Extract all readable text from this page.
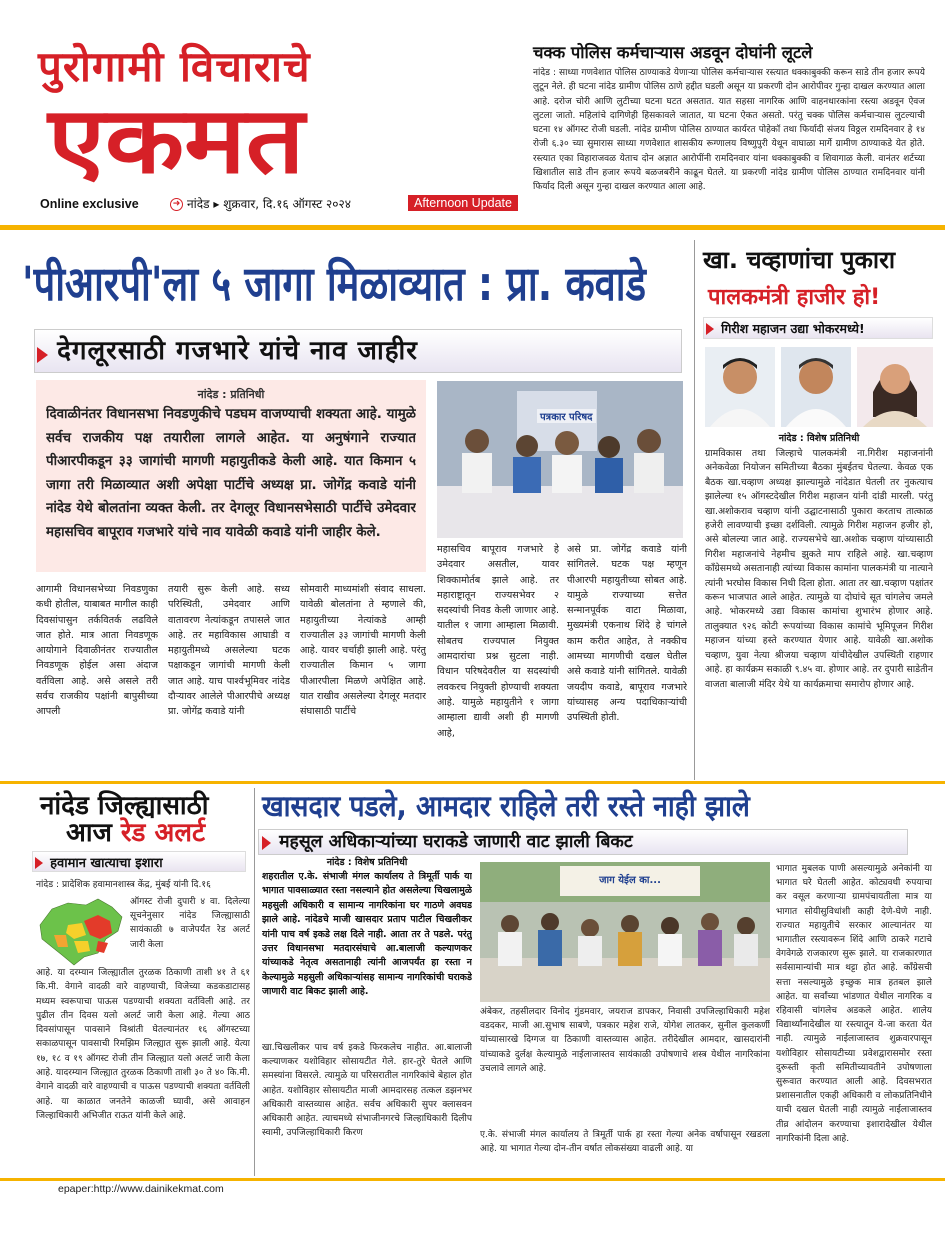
पुरोगामी विचाराचे
एकमत
Online exclusive	➜ नांदेड ▸ शुक्रवार, दि.१६ ऑगस्ट २०२४	Afternoon Update
चक्क पोलिस कर्मचाऱ्यास अडवून दोघांनी लूटले
नांदेड : साध्या गणवेशात पोलिस ठाण्याकडे येणाऱ्या पोलिस कर्मचाऱ्यास रस्त्यात धक्काबुक्की करून साडे तीन हजार रूपये लुटून नेले. ही घटना नांदेड ग्रामीण पोलिस ठाणे हद्दीत घडली असून या प्रकरणी दोन आरोपीवर गुन्हा दाखल करण्यात आला आहे. दरोज चोरी आणि लुटीच्या घटना घटत असतात. यात सहसा नागरिक आणि वाहनधारकांना रस्त्या अडवून ऐवज लुटला जातो. महिलांचे दागिणेही हिसकावले जातात, या घटना ऐकत असतो. परंतु चक्क पोलिस कर्मचाऱ्यास लुटल्याची घटना १४ ऑगस्ट रोजी घडली. नांदेड ग्रामीण पोलिस ठाण्यात कार्यरत पोहेकॉ तथा फिर्यादी संजय विठ्ठल रामदिनवार हे १४ रोजी ६.३० च्या सुमारास साध्या गणवेशात शासकीय रूग्णालय विष्णुपुरी येथून वाघाळा मार्गे ग्रामीण ठाण्याकडे येत होते. रस्त्यात एका विहाराजवळ येताच दोन अज्ञात आरोपींनी रामदिनवार यांना धक्काबुक्की व शिवागाळ केली. वानंतर शर्टच्या खिशातील साडे तीन हजार रूपये बळजबरीने काढून घेतले. या प्रकरणी नांदेड ग्रामीण पोलिस ठाण्यात रामदिनवार यांनी फिर्याद दिली असून गुन्हा दाखल करण्यात आला आहे.
'पीआरपी'ला ५ जागा मिळाव्यात : प्रा. कवाडे
देगलूरसाठी गजभारे यांचे नाव जाहीर
नांदेड : प्रतिनिधी
दिवाळीनंतर विधानसभा निवडणुकीचे पडघम वाजण्याची शक्यता आहे. यामुळे सर्वच राजकीय पक्ष तयारीला लागले आहेत. या अनुषंगाने राज्यात पीआरपीकडून ३३ जागांची मागणी महायुतीकडे केली आहे. यात किमान ५ जागा तरी मिळाव्यात अशी अपेक्षा पार्टीचे अध्यक्ष प्रा. जोगेंद्र कवाडे यांनी नांदेड येथे बोलतांना व्यक्त केली. तर देगलूर विधानसभेसाठी पार्टीचे उमेदवार महासचिव बापूराव गजभारे यांचे नाव यावेळी कवाडे यांनी जाहीर केले.
पत्रकार परिषद
महासचिव बापूराव गजभारे हे उमेदवार असतील, यावर शिक्कामोर्तब झाले आहे. तर महाराष्ट्रातून राज्यसभेवर २ सदस्यांची निवड केली जाणार आहे. यातील १ जागा आम्हाला मिळावी. सोबतच राज्यपाल नियुक्त आमदारांचा प्रश्न सुटला नाही. विधान परिषदेवरील या सदस्यांची लवकरच नियुक्ती होण्याची शक्यता आहे. यामुळे महायुतीने १ जागा आम्हाला द्यावी अशी ही मागणी आहे,
असे प्रा. जोगेंद्र कवाडे यांनी सांगितले. घटक पक्ष म्हणून पीआरपी महायुतीच्या सोबत आहे. यामुळे राज्याच्या सत्तेत सन्मानपूर्वक वाटा मिळावा, मुख्यमंत्री एकनाथ शिंदे हे चांगले काम करीत आहेत, ते नक्कीच आमच्या मागणीची दखल घेतील असे कवाडे यांनी सांगितले. यावेळी जयदीप कवाडे, बापूराव गजभारे यांच्यासह अन्य पदाधिकाऱ्यांची उपस्थिती होती.
आगामी विधानसभेच्या निवडणुका कधी होतील, याबाबत मागील काही दिवसांपासुन तर्कवितर्क लढविले जात होते. मात्र आता निवडणूक आयोगाने दिवाळीनंतर राज्यातील निवडणूक होईल असा अंदाज वर्तविला आहे. असे असले तरी सर्वच राजकीय पक्षांनी बापुसीच्या आपली
तयारी सुरू केली आहे. सध्य परिस्थिती, उमेदवार आणि वातावरण नेत्यांकडून तपासले जात आहे. तर महाविकास आघाडी व महायुतीमध्ये असलेल्या घटक पक्षाकडून जागांची मागणी केली जात आहे. याच पार्श्वभूमिवर नांदेड दौऱ्यावर आलेले पीआरपीचे अध्यक्ष प्रा. जोगेंद्र कवाडे यांनी
सोमवारी माध्यमांशी संवाद साधला. यावेळी बोलतांना ते म्हणाले की, महायुतीच्या नेत्यांकडे आम्ही राज्यातील ३३ जागांची मागणी केली आहे. यावर चर्चाही झाली आहे. परंतु राज्यातील किमान ५ जागा पीआरपीला मिळणे अपेक्षित आहे. यात राखीव असलेल्या देगलूर मतदार संघासाठी पार्टीचे
खा. चव्हाणांचा पुकारा
पालकमंत्री हाजीर हो!
गिरीश महाजन उद्या भोकरमध्ये!
नांदेड : विशेष प्रतिनिधी
ग्रामविकास तथा जिल्हाचे पालकमंत्री ना.गिरीश महाजनांनी अनेकवेळा नियोजन समितीच्या बैठका मुंबईतच घेतल्या. केवळ एक बैठक खा.चव्हाण अध्यक्ष झाल्यामुळे नांदेडात घेतली तर नुकत्याच झालेल्या १५ ऑगस्टदेखील गिरीश महाजन यांनी दांडी मारली. परंतु खा.अशोकराव चव्हाण यांनी उद्घाटनासाठी पुकारा करताच तात्काळ हजेरी लावण्याची इच्छा दर्शविली. त्यामुळे गिरीश महाजन हजीर हो, असे बोलल्या जात आहे. राज्यसभेचे खा.अशोक चव्हाण यांच्यासाठी गिरीश महाजनांचे नेहमीच झुकते माप राहिले आहे. खा.चव्हाण काँग्रेसमध्ये असतानाही त्यांच्या विकास कामांना पालकमंत्री या नात्याने त्यांनी भरघोस विकास निधी दिला होता. आता तर खा.चव्हाण पक्षांतर करून भाजपात आले आहेत. त्यामुळे या दोघांचे सूत चांगलेच जमले आहे. भोकरमध्ये उद्या विकास कामांचा शुभारंभ होणार आहे. तालुक्यात ९२६ कोटी रूपयांच्या विकास कामांचे भूमिपूजन गिरीश महाजन यांच्या हस्ते करण्यात येणार आहे. यावेळी खा.अशोक चव्हाण, युवा नेत्या श्रीजया चव्हाण यांचीदेखील उपस्थिती राहणार आहे. हा कार्यक्रम सकाळी ९.४५ वा. होणार आहे. तर दुपारी साडेतीन वाजता बालाजी मंदिर येथे या कार्यक्रमाचा समारोप होणार आहे.
नांदेड जिल्ह्यासाठी
आज रेड अलर्ट
हवामान खात्याचा इशारा
नांदेड : प्रादेशिक हवामानशास्त्र केंद्र, मुंबई यांनी दि.१६
ऑगस्ट रोजी दुपारी ४ वा. दिलेल्या सूचनेनुसार नांदेड जिल्ह्यासाठी सायंकाळी ७ वाजेपर्यंत रेड अलर्ट जारी केला
आहे. या दरम्यान जिल्ह्यातील तुरळक ठिकाणी ताशी ४१ ते ६१ कि.मी. वेगाने वादळी वारे वाहण्याची, विजेच्या कडकडाटासह मध्यम स्वरूपाचा पाऊस पडण्याची शक्यता वर्तविली आहे. तर पुढील तीन दिवस यलो अलर्ट जारी केला आहे. गेल्या आठ दिवसांपासून पावसाने विश्रांती घेतल्यानंतर १६ ऑगस्टच्या सकाळपासून पावसाची रिमझिम जिल्ह्यात सुरू झाली आहे. येत्या १७, १८ व १९ ऑगस्ट रोजी तीन जिल्ह्यात यलो अलर्ट जारी केला आहे. यादरम्यान जिल्ह्यात तुरळक ठिकाणी ताशी ३० ते ४० कि.मी. वेगाने वादळी वारे वाहण्याची व पाऊस पडण्याची शक्यता वर्तविली आहे. या काळात जनतेने काळजी घ्यावी, असे आवाहन जिल्हाधिकारी अभिजीत राऊत यांनी केले आहे.
खासदार पडले, आमदार राहिले तरी रस्ते नाही झाले
महसूल अधिकाऱ्यांच्या घराकडे जाणारी वाट झाली बिकट
नांदेड : विशेष प्रतिनिधी
शहरातील ए.के. संभाजी मंगल कार्यालय ते त्रिमूर्ती पार्क या भागात पावसाळ्यात रस्ता नसल्याने होत असलेल्या चिखलामुळे महसुली अधिकारी व सामान्य नागरिकांना घर गाठणे अवघड झाले आहे. नांदेडचे माजी खासदार प्रताप पाटील चिखलीकर यांनी पाच वर्ष इकडे लक्ष दिले नाही. आता तर ते पडले. परंतु उत्तर विधानसभा मतदारसंघाचे आ.बालाजी कल्याणकर यांच्याकडे नेतृत्व असतानाही त्यांनी आजपर्यंत हा रस्ता न केल्यामुळे महसुली अधिकाऱ्यांसह सामान्य नागरिकांची घराकडे जाणारी वाट बिकट झाली आहे.
खा.चिखलीकर पाच वर्ष इकडे फिरकलेच नाहीत. आ.बालाजी कल्याणकर यशोविहार सोसायटीत गेले. हार-तुरे घेतले आणि समस्यांना विसरले. त्यामुळे या परिसरातील नागरिकांचे बेहाल होत आहेत. यशोविहार सोसायटीत माजी आमदारसह तत्कल डझनभर अधिकारी वास्तव्यास आहेत. सर्वच अधिकारी सुपर क्लासवन अधिकारी आहेत. त्याचमध्ये संभाजीनगरचे जिल्हाधिकारी दिलीप स्वामी, उपजिल्हाधिकारी किरण
जाग येईल का...
अंबेकर, तहसीलदार विनोद गुंडमवार, जयराज डापकर, निवासी उपजिल्हाधिकारी महेश वडदकर, माजी आ.सुभाष साबणे, पत्रकार महेश राजे, योगेश लातकर, सुनील कुलकर्णी यांच्यासारखे दिग्गज या ठिकाणी वास्तव्यास आहेत. तरीदेखील आमदार, खासदारांनी यांच्याकडे दुर्लक्ष केल्यामुळे नाईलाजास्तव सायंकाळी उपोषणाचे शस्त्र येथील नागरिकांना उचलावे लागले आहे.
ए.के. संभाजी मंगल कार्यालय ते त्रिमूर्ती पार्क हा रस्ता गेल्या अनेक वर्षापासून रखडला आहे. या भागात गेल्या दोन-तीन वर्षात लोकसंख्या वाढली आहे. या
भागात मुबलक पाणी असल्यामुळे अनेकांनी या भागात घरे घेतली आहेत. कोट्यवधी रुपयाचा कर वसूल करणाऱ्या ग्रामपंचायतीला मात्र या भागात सोयीसुविधांशी काही देणे-घेणे नाही. राज्यात महायुतीचे सरकार आल्यानंतर या भागातील रस्त्यावरून शिंदे आणि ठाकरे गटाचे वेगवेगळे राजकारण सुरू झाले. या राजकारणात सर्वसामान्यांची मात्र थट्टा होत आहे. काँग्रेसची सत्ता नसल्यामुळे इच्छुक मात्र हतबल झाले आहेत. या सर्वांच्या भांडणात येथील नागरिक व रहिवासी चांगलेच अडकले आहेत. शालेय विद्यार्थ्यांनादेखील या रस्त्यातून ये-जा करता येत नाही. त्यामुळे नाईलाजास्तव शुक्रवारपासून यशोविहार सोसायटीच्या प्रवेशद्वारासमोर रस्ता दुरूस्ती कृती समितीच्यावतीने उपोषणाला सुरूवात करण्यात आली आहे. दिवसभरात प्रशासनातील एकही अधिकारी व लोकप्रतिनिधीने याची दखल घेतली नाही त्यामुळे नाईलाजास्तव तीव्र आंदोलन करण्याचा इशारादेखील येथील नागरिकांनी दिला आहे.
epaper:http://www.dainikekmat.com
